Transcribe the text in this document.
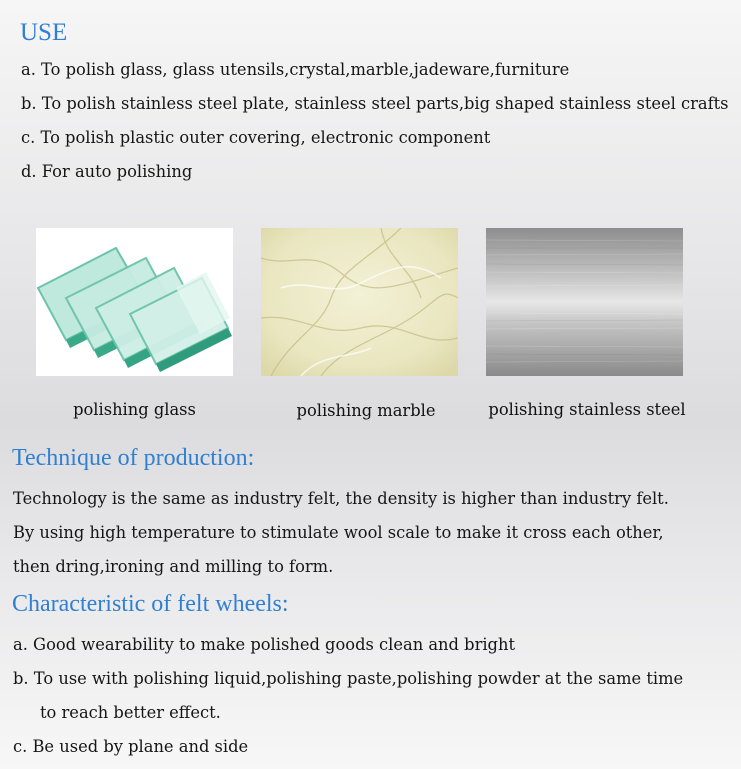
USE
a. To polish glass, glass utensils,crystal,marble,jadeware,furniture
b. To polish stainless steel plate, stainless steel parts,big shaped stainless steel crafts
c. To polish plastic outer covering, electronic component
d. For auto polishing
polishing glass	polishing marble	polishing stainless steel
Technique of production:
Technology is the same as industry felt, the density is higher than industry felt.
By using high temperature to stimulate wool scale to make it cross each other,
then dring,ironing and milling to form.
Characteristic of felt wheels:
a. Good wearability to make polished goods clean and bright
b. To use with polishing liquid,polishing paste,polishing powder at the same time
to reach better effect.
c. Be used by plane and side
